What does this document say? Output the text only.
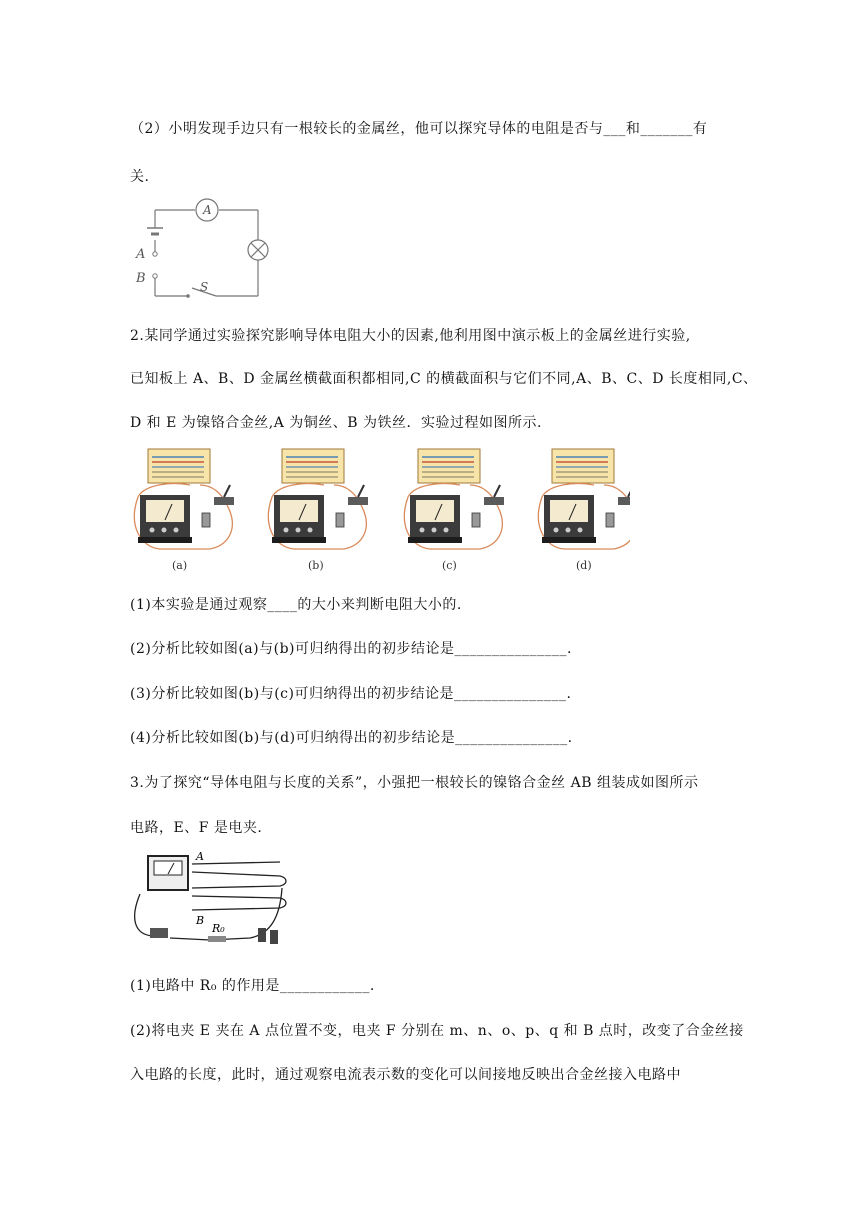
（2）小明发现手边只有一根较长的金属丝，他可以探究导体的电阻是否与___和_______有
关.
A
A
B
S
2.某同学通过实验探究影响导体电阻大小的因素,他利用图中演示板上的金属丝进行实验,
已知板上 A、B、D 金属丝横截面积都相同,C 的横截面积与它们不同,A、B、C、D 长度相同,C、
D 和 E 为镍铬合金丝,A 为铜丝、B 为铁丝．实验过程如图所示.
(a)	(b)	(c)	(d)
(1)本实验是通过观察____的大小来判断电阻大小的.
(2)分析比较如图(a)与(b)可归纳得出的初步结论是_______________.
(3)分析比较如图(b)与(c)可归纳得出的初步结论是_______________.
(4)分析比较如图(b)与(d)可归纳得出的初步结论是_______________.
3.为了探究“导体电阻与长度的关系”，小强把一根较长的镍铬合金丝 AB 组装成如图所示
电路，E、F 是电夹.
A
B
R₀
(1)电路中 R₀ 的作用是____________.
(2)将电夹 E 夹在 A 点位置不变，电夹 F 分别在 m、n、o、p、q 和 B 点时，改变了合金丝接
入电路的长度，此时，通过观察电流表示数的变化可以间接地反映出合金丝接入电路中
